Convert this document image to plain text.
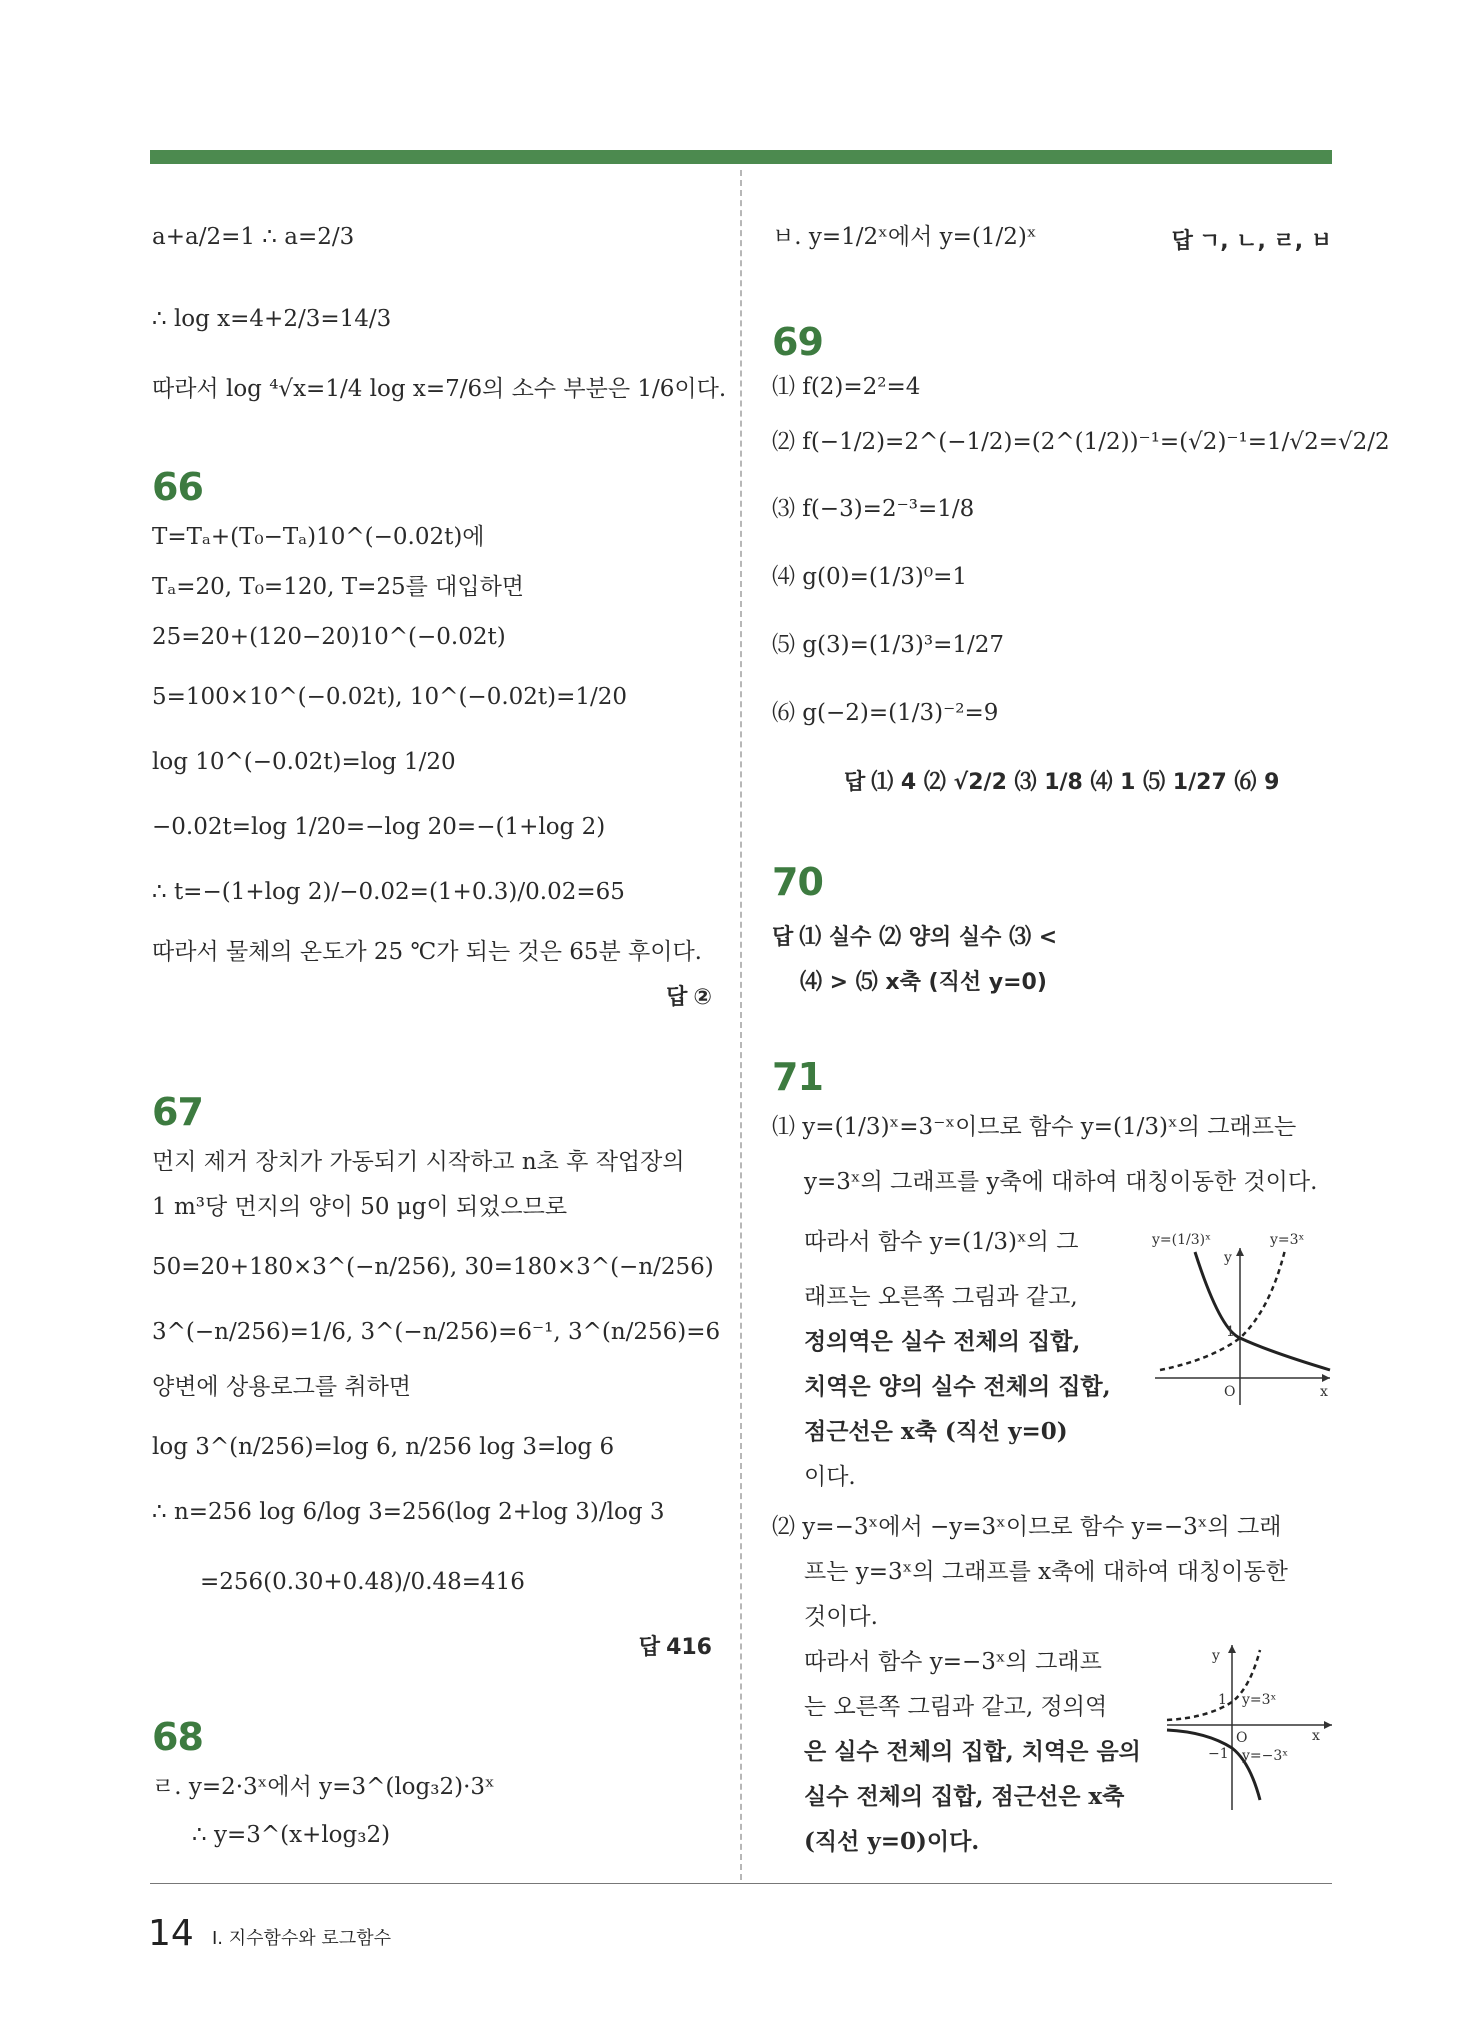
a+a/2=1 ∴ a=2/3
∴ log x=4+2/3=14/3
따라서 log ⁴√x=1/4 log x=7/6의 소수 부분은 1/6이다.
66
T=Tₐ+(T₀−Tₐ)10^(−0.02t)에
Tₐ=20, T₀=120, T=25를 대입하면
25=20+(120−20)10^(−0.02t)
5=100×10^(−0.02t), 10^(−0.02t)=1/20
log 10^(−0.02t)=log 1/20
−0.02t=log 1/20=−log 20=−(1+log 2)
∴ t=−(1+log 2)/−0.02=(1+0.3)/0.02=65
따라서 물체의 온도가 25 ℃가 되는 것은 65분 후이다.
답 ②
67
먼지 제거 장치가 가동되기 시작하고 n초 후 작업장의
1 m³당 먼지의 양이 50 μg이 되었으므로
50=20+180×3^(−n/256), 30=180×3^(−n/256)
3^(−n/256)=1/6, 3^(−n/256)=6⁻¹, 3^(n/256)=6
양변에 상용로그를 취하면
log 3^(n/256)=log 6, n/256 log 3=log 6
∴ n=256 log 6/log 3=256(log 2+log 3)/log 3
=256(0.30+0.48)/0.48=416
답 416
68
ㄹ. y=2·3ˣ에서 y=3^(log₃2)·3ˣ
∴ y=3^(x+log₃2)
ㅂ. y=1/2ˣ에서 y=(1/2)ˣ	답 ㄱ, ㄴ, ㄹ, ㅂ
69
⑴ f(2)=2²=4
⑵ f(−1/2)=2^(−1/2)=(2^(1/2))⁻¹=(√2)⁻¹=1/√2=√2/2
⑶ f(−3)=2⁻³=1/8
⑷ g(0)=(1/3)⁰=1
⑸ g(3)=(1/3)³=1/27
⑹ g(−2)=(1/3)⁻²=9
답 ⑴ 4 ⑵ √2/2 ⑶ 1/8 ⑷ 1 ⑸ 1/27 ⑹ 9
70
답 ⑴ 실수 ⑵ 양의 실수 ⑶ <
⑷ > ⑸ x축 (직선 y=0)
71
⑴ y=(1/3)ˣ=3⁻ˣ이므로 함수 y=(1/3)ˣ의 그래프는
y=3ˣ의 그래프를 y축에 대하여 대칭이동한 것이다.
따라서 함수 y=(1/3)ˣ의 그
래프는 오른쪽 그림과 같고,
정의역은 실수 전체의 집합,
치역은 양의 실수 전체의 집합,
점근선은 x축 (직선 y=0)
이다.
⑵ y=−3ˣ에서 −y=3ˣ이므로 함수 y=−3ˣ의 그래
프는 y=3ˣ의 그래프를 x축에 대하여 대칭이동한
것이다.
따라서 함수 y=−3ˣ의 그래프
는 오른쪽 그림과 같고, 정의역
은 실수 전체의 집합, 치역은 음의
실수 전체의 집합, 점근선은 x축
(직선 y=0)이다.
y=(1/3)ˣ	y=3ˣ
y
1
O	x
y
1 y=3ˣ
O	x
−1 y=−3ˣ
14 Ⅰ. 지수함수와 로그함수
